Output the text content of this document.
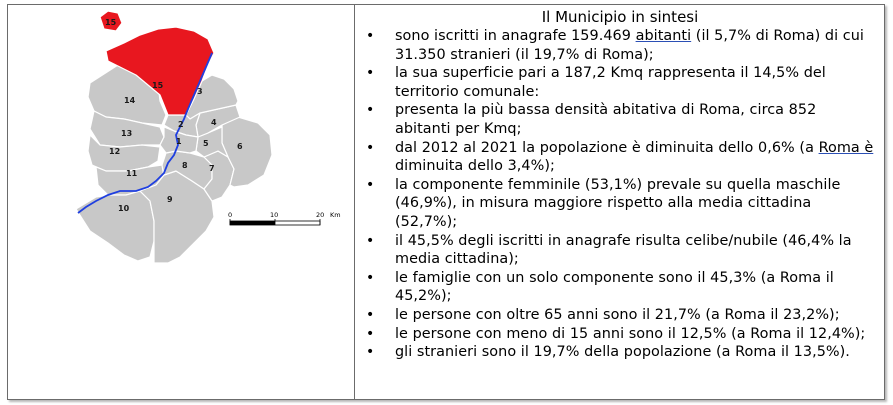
15
15
14
13
12
11
10
9
8	7
6
5
4
3
2
1
0	10	20 Km
Il Municipio in sintesi
• sono iscritti in anagrafe 159.469 abitanti (il 5,7% di Roma) di cui 31.350 stranieri (il 19,7% di Roma);
• la sua superficie pari a 187,2 Kmq rappresenta il 14,5% del territorio comunale:
• presenta la più bassa densità abitativa di Roma, circa 852 abitanti per Kmq;
• dal 2012 al 2021 la popolazione è diminuita dello 0,6% (a Roma è diminuita dello 3,4%);
• la componente femminile (53,1%) prevale su quella maschile (46,9%), in misura maggiore rispetto alla media cittadina (52,7%);
• il 45,5% degli iscritti in anagrafe risulta celibe/nubile (46,4% la media cittadina);
• le famiglie con un solo componente sono il 45,3% (a Roma il 45,2%);
• le persone con oltre 65 anni sono il 21,7% (a Roma il 23,2%);
• le persone con meno di 15 anni sono il 12,5% (a Roma il 12,4%);
• gli stranieri sono il 19,7% della popolazione (a Roma il 13,5%).
